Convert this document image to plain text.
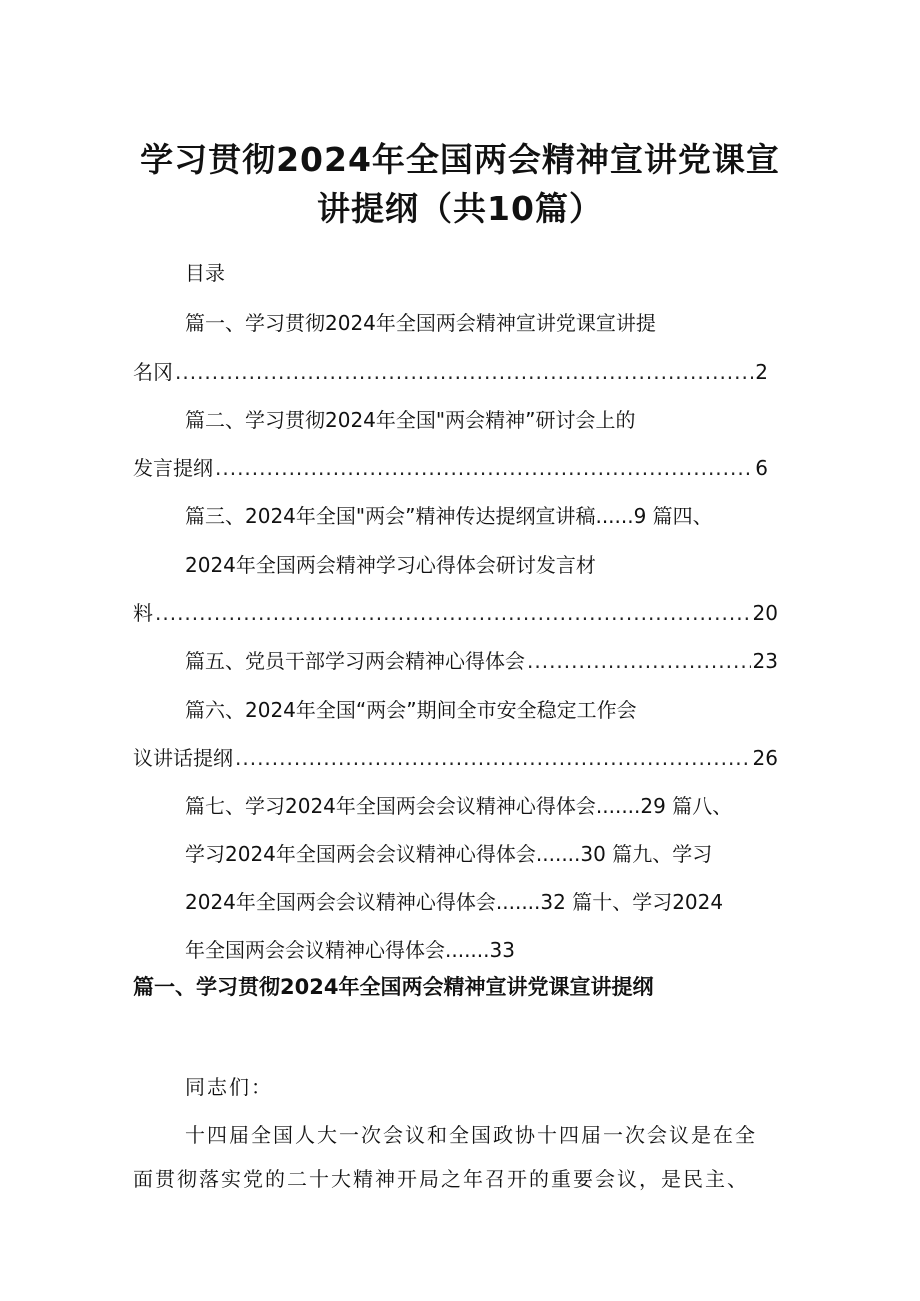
学习贯彻2024年全国两会精神宣讲党课宣
讲提纲（共10篇）
目录
篇一、学习贯彻2024年全国两会精神宣讲党课宣讲提
名冈 .....	2
篇二、学习贯彻2024年全国"两会精神”研讨会上的
发言提纲 .....	6
篇三、2024年全国"两会”精神传达提纲宣讲稿......9 篇四、
2024年全国两会精神学习心得体会研讨发言材
料 .....	20
篇五、党员干部学习两会精神心得体会 .....	23
篇六、2024年全国“两会”期间全市安全稳定工作会
议讲话提纲 .....	26
篇七、学习2024年全国两会会议精神心得体会.......29 篇八、
学习2024年全国两会会议精神心得体会.......30 篇九、学习
2024年全国两会会议精神心得体会.......32 篇十、学习2024
年全国两会会议精神心得体会.......33
篇一、学习贯彻2024年全国两会精神宣讲党课宣讲提纲
同志们：
十四届全国人大一次会议和全国政协十四届一次会议是在全
面贯彻落实党的二十大精神开局之年召开的重要会议，是民主、
